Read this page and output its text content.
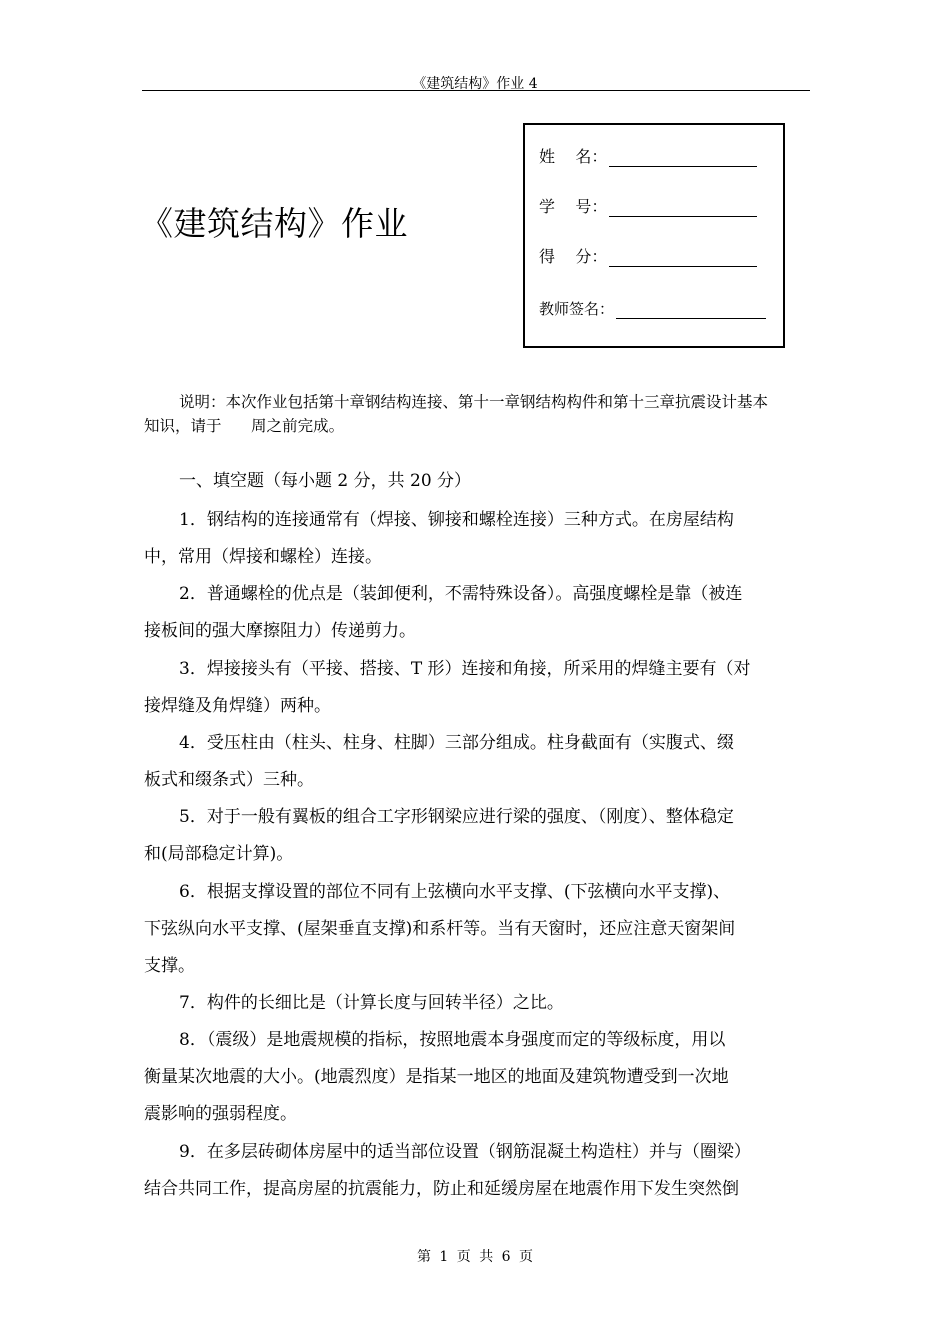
《建筑结构》作业 4
《建筑结构》作业
姓    名：
学    号：
得    分：
教师签名：
说明：本次作业包括第十章钢结构连接、第十一章钢结构构件和第十三章抗震设计基本
知识，请于      周之前完成。
一、填空题（每小题 2 分，共 20 分）
1．钢结构的连接通常有（焊接、铆接和螺栓连接）三种方式。在房屋结构
中，常用（焊接和螺栓）连接。
2．普通螺栓的优点是（装卸便利，不需特殊设备）。高强度螺栓是靠（被连
接板间的强大摩擦阻力）传递剪力。
3．焊接接头有（平接、搭接、T 形）连接和角接，所采用的焊缝主要有（对
接焊缝及角焊缝）两种。
4．受压柱由（柱头、柱身、柱脚）三部分组成。柱身截面有（实腹式、缀
板式和缀条式）三种。
5．对于一般有翼板的组合工字形钢梁应进行梁的强度、（刚度）、整体稳定
和(局部稳定计算)。
6．根据支撑设置的部位不同有上弦横向水平支撑、(下弦横向水平支撑)、
下弦纵向水平支撑、(屋架垂直支撑)和系杆等。当有天窗时，还应注意天窗架间
支撑。
7．构件的长细比是（计算长度与回转半径）之比。
8．（震级）是地震规模的指标，按照地震本身强度而定的等级标度，用以
衡量某次地震的大小。(地震烈度）是指某一地区的地面及建筑物遭受到一次地
震影响的强弱程度。
9．在多层砖砌体房屋中的适当部位设置（钢筋混凝土构造柱）并与（圈梁）
结合共同工作，提高房屋的抗震能力，防止和延缓房屋在地震作用下发生突然倒
第 1 页 共 6 页
